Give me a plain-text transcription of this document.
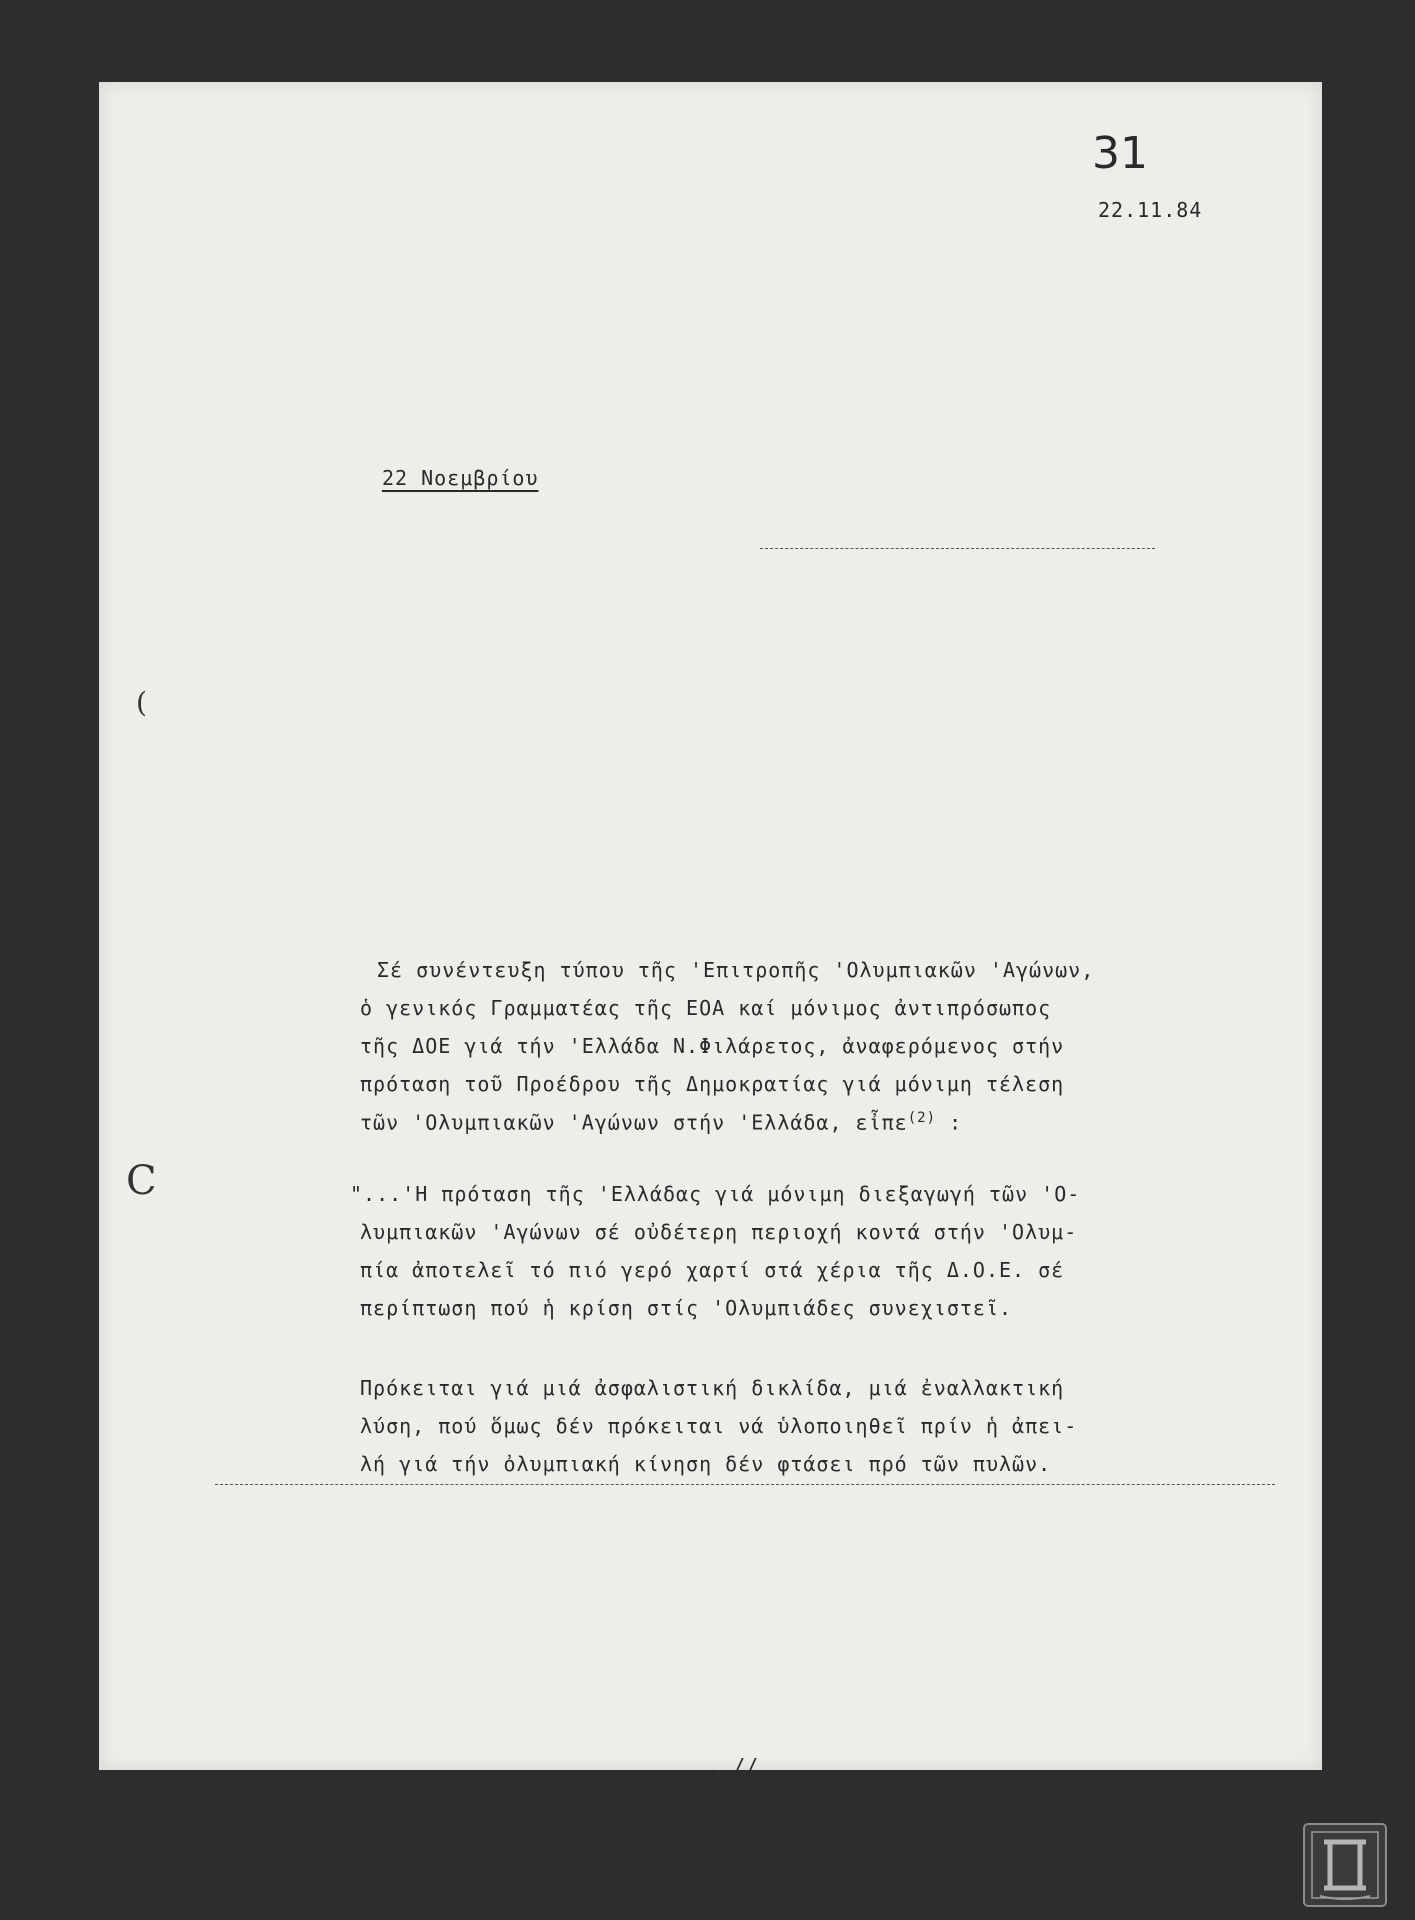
31
22.11.84
22 Νοεμβρίου
(
C
Σέ συνέντευξη τύπου τῆς 'Επιτροπῆς 'Ολυμπιακῶν 'Αγώνων,
ὁ γενικός Γραμματέας τῆς ΕΟΑ καί μόνιμος ἀντιπρόσωπος
τῆς ΔΟΕ γιά τήν 'Ελλάδα Ν.Φιλάρετος, ἀναφερόμενος στήν
πρόταση τοῦ Προέδρου τῆς Δημοκρατίας γιά μόνιμη τέλεση
τῶν 'Ολυμπιακῶν 'Αγώνων στήν 'Ελλάδα, εἶπε$^{(2)}$ :
"...'Η πρόταση τῆς 'Ελλάδας γιά μόνιμη διεξαγωγή τῶν 'Ο-
λυμπιακῶν 'Αγώνων σέ οὐδέτερη περιοχή κοντά στήν 'Ολυμ-
πία ἀποτελεῖ τό πιό γερό χαρτί στά χέρια τῆς Δ.Ο.Ε. σέ
περίπτωση πού ἡ κρίση στίς 'Ολυμπιάδες συνεχιστεῖ.
Πρόκειται γιά μιά ἀσφαλιστική δικλίδα, μιά ἐναλλακτική
λύση, πού ὅμως δέν πρόκειται νά ὑλοποιηθεῖ πρίν ἡ ἀπει-
λή γιά τήν ὀλυμπιακή κίνηση δέν φτάσει πρό τῶν πυλῶν.
..//..
